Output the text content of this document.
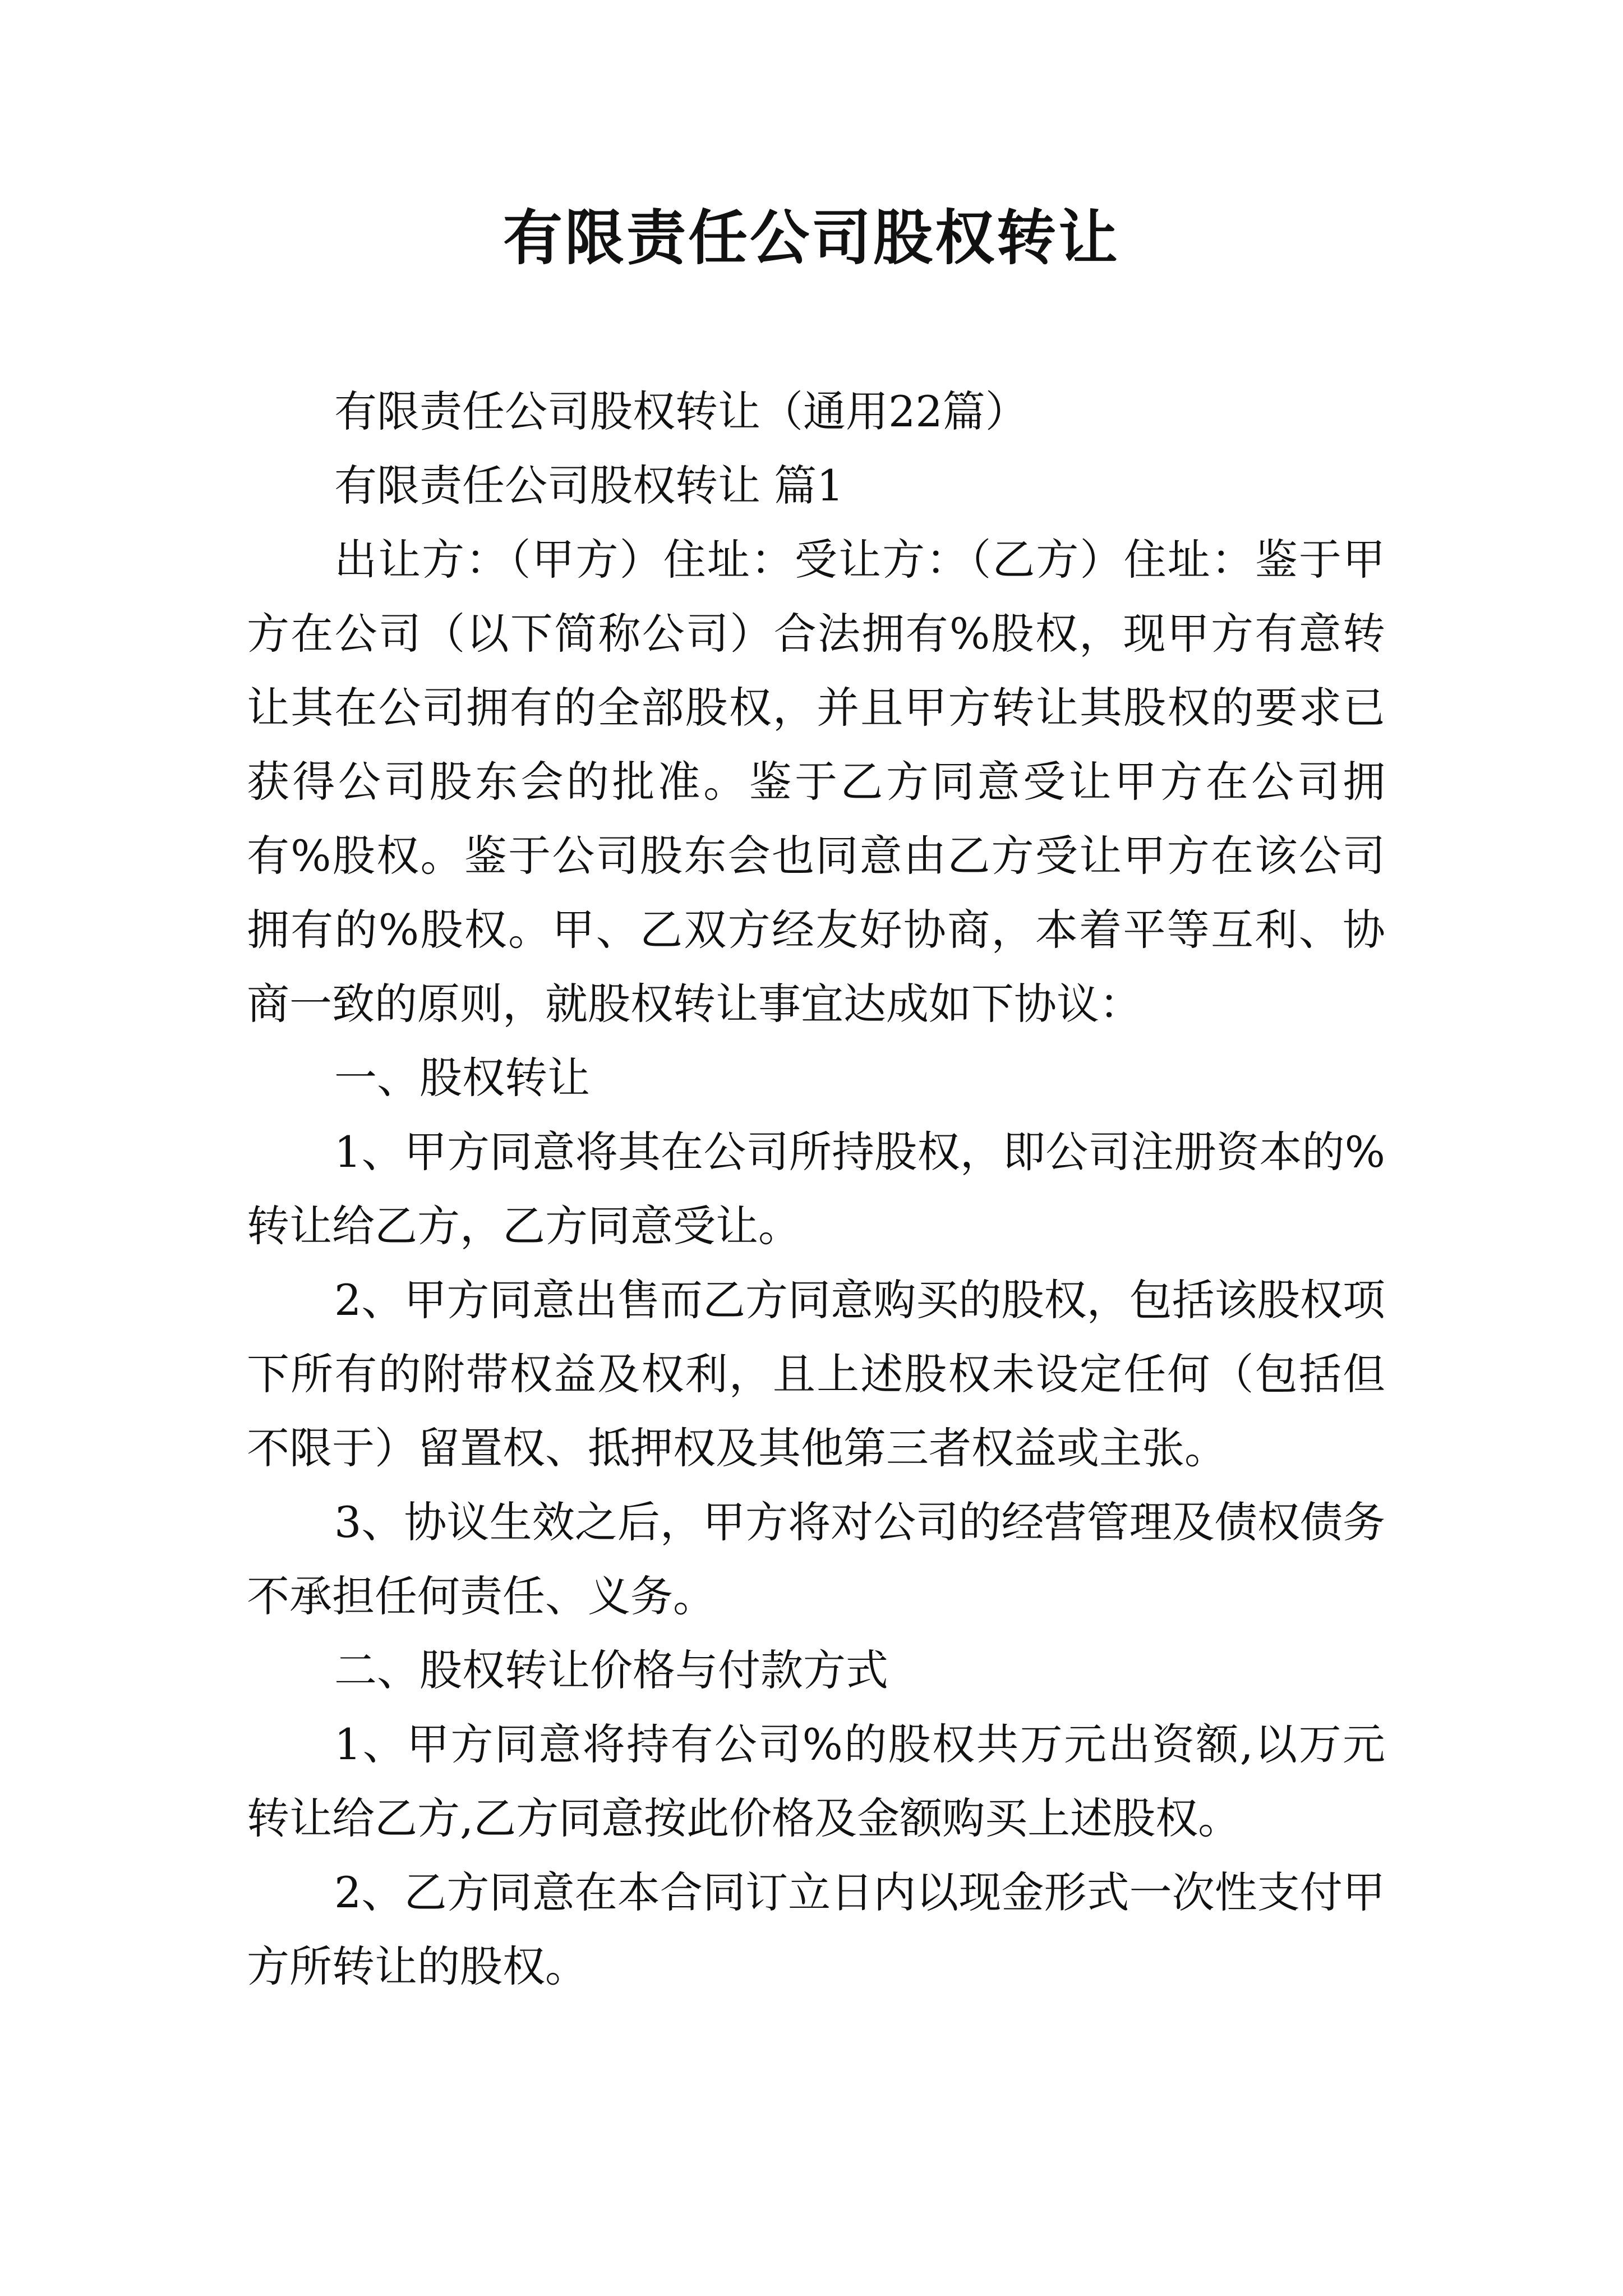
有限责任公司股权转让

有限责任公司股权转让（通用22篇）

有限责任公司股权转让 篇1

出让方：（甲方）住址：受让方：（乙方）住址：鉴于甲方在公司（以下简称公司）合法拥有%股权，现甲方有意转让其在公司拥有的全部股权，并且甲方转让其股权的要求已获得公司股东会的批准。鉴于乙方同意受让甲方在公司拥有%股权。鉴于公司股东会也同意由乙方受让甲方在该公司拥有的%股权。甲、乙双方经友好协商，本着平等互利、协商一致的原则，就股权转让事宜达成如下协议：

一、股权转让

1、甲方同意将其在公司所持股权，即公司注册资本的%转让给乙方，乙方同意受让。

2、甲方同意出售而乙方同意购买的股权，包括该股权项下所有的附带权益及权利，且上述股权未设定任何（包括但不限于）留置权、抵押权及其他第三者权益或主张。

3、协议生效之后，甲方将对公司的经营管理及债权债务不承担任何责任、义务。

二、股权转让价格与付款方式

1、甲方同意将持有公司%的股权共万元出资额,以万元转让给乙方,乙方同意按此价格及金额购买上述股权。

2、乙方同意在本合同订立日内以现金形式一次性支付甲方所转让的股权。
